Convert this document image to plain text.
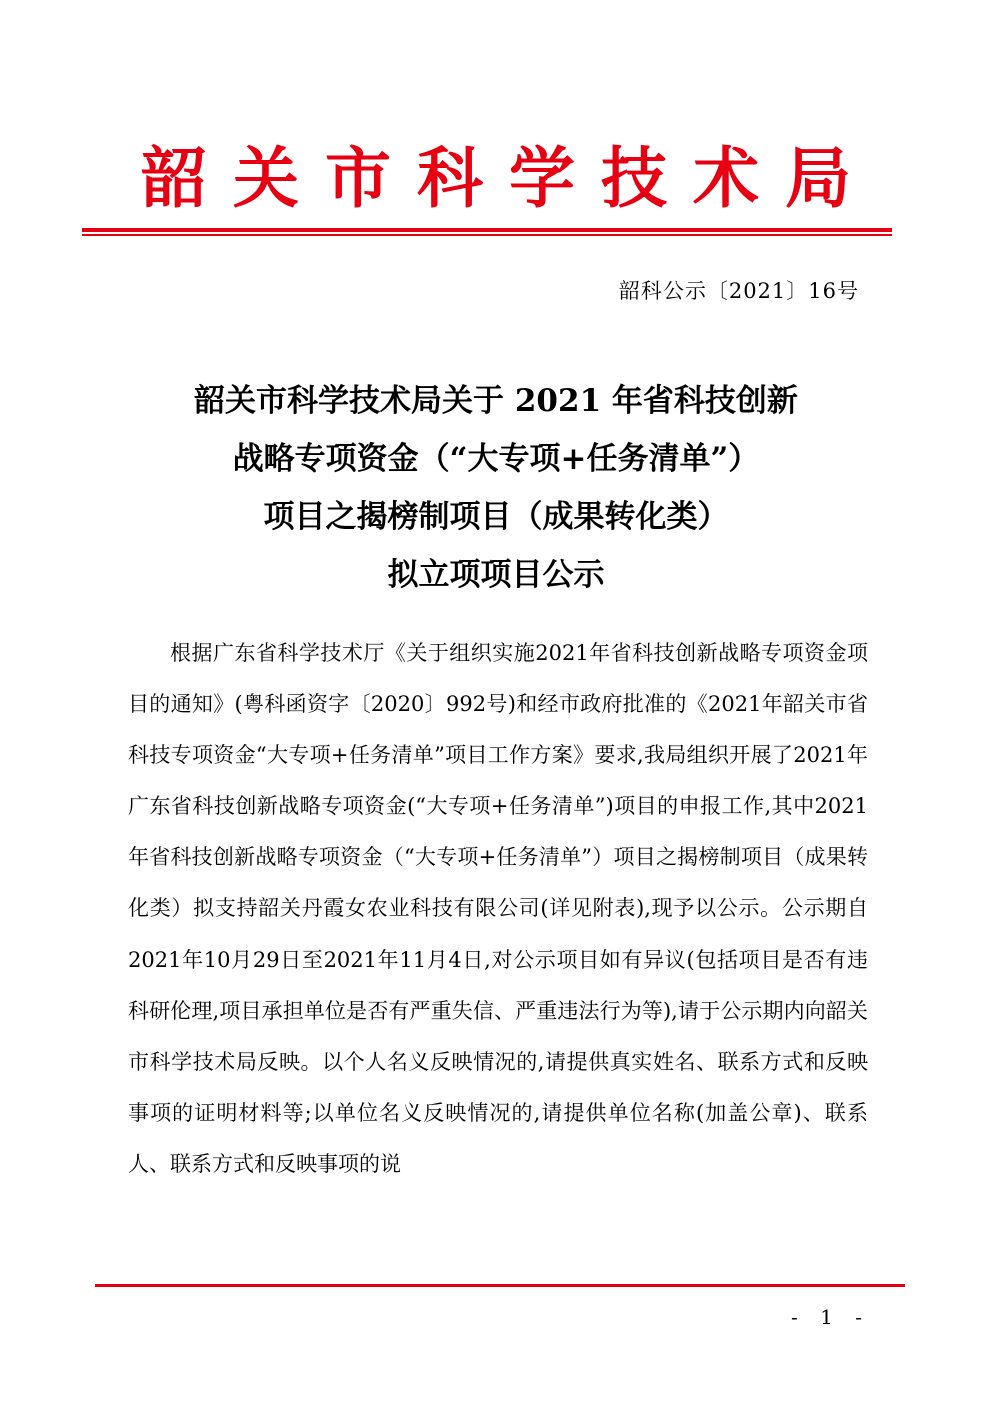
韶关市科学技术局
韶科公示〔2021〕16号
韶关市科学技术局关于 2021 年省科技创新
战略专项资金（“大专项+任务清单”）
项目之揭榜制项目（成果转化类）
拟立项项目公示

根据广东省科学技术厅《关于组织实施2021年省科技创新战略专项资金项目的通知》(粤科函资字〔2020〕992号)和经市政府批准的《2021年韶关市省科技专项资金“大专项+任务清单”项目工作方案》要求,我局组织开展了2021年广东省科技创新战略专项资金(“大专项+任务清单”)项目的申报工作,其中2021年省科技创新战略专项资金（“大专项+任务清单”）项目之揭榜制项目（成果转化类）拟支持韶关丹霞女农业科技有限公司(详见附表),现予以公示。公示期自2021年10月29日至2021年11月4日,对公示项目如有异议(包括项目是否有违科研伦理,项目承担单位是否有严重失信、严重违法行为等),请于公示期内向韶关市科学技术局反映。以个人名义反映情况的,请提供真实姓名、联系方式和反映事项的证明材料等;以单位名义反映情况的,请提供单位名称(加盖公章)、联系人、联系方式和反映事项的说

- 1 -
